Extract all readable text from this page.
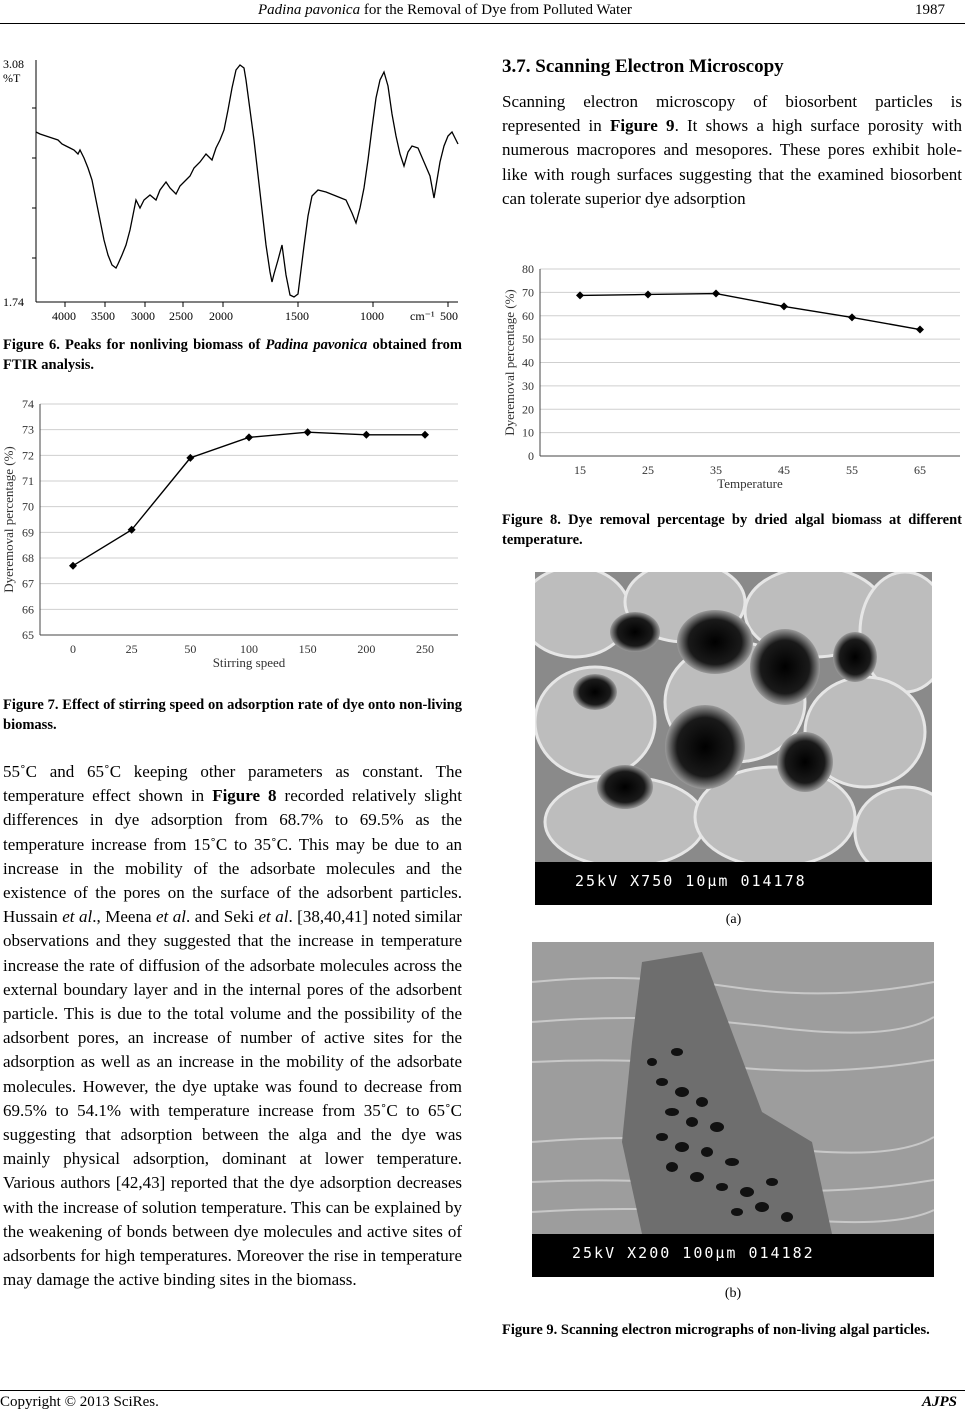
Padina pavonica for the Removal of Dye from Polluted Water	1987
3.08
%T
1.74
4000 3500 3000 2500 2000	1500	1000 cm⁻¹ 500
Figure 6. Peaks for nonliving biomass of Padina pavonica obtained from FTIR analysis.
65
66
67
68
69
70
71
72
73
74
0	25	50	100	150	200	250
Stirring speed
Dyeremoval percentage (%)
Figure 7. Effect of stirring speed on adsorption rate of dye onto non-living biomass.
55˚C and 65˚C keeping other parameters as constant. The temperature effect shown in Figure 8 recorded relatively slight differences in dye adsorption from 68.7% to 69.5% as the temperature increase from 15˚C to 35˚C. This may be due to an increase in the mobility of the adsorbate molecules and the existence of the pores on the surface of the adsorbent particles. Hussain et al., Meena et al. and Seki et al. [38,40,41] noted similar observations and they suggested that the increase in temperature increase the rate of diffusion of the adsorbate molecules across the external boundary layer and in the internal pores of the adsorbent particle. This is due to the total volume and the possibility of the adsorbent pores, an increase of number of active sites for the adsorption as well as an increase in the mobility of the adsorbate molecules. However, the dye uptake was found to decrease from 69.5% to 54.1% with temperature increase from 35˚C to 65˚C suggesting that adsorption between the alga and the dye was mainly physical adsorption, dominant at lower temperature. Various authors [42,43] reported that the dye adsorption decreases with the increase of solution temperature. This can be explained by the weakening of bonds between dye molecules and active sites of adsorbents for high temperatures. Moreover the rise in temperature may damage the active binding sites in the biomass.
3.7. Scanning Electron Microscopy
Scanning electron microscopy of biosorbent particles is represented in Figure 9. It shows a high surface porosity with numerous macropores and mesopores. These pores exhibit hole-like with rough surfaces suggesting that the examined biosorbent can tolerate superior dye adsorption
0
10
20
30
40
50
60
70
80
15	25	35	45	55	65
Temperature
Dyeremoval percentage (%)
Figure 8. Dye removal percentage by dried algal biomass at different temperature.
25kV X750 10μm 014178
(a)
25kV X200 100μm 014182
(b)
Figure 9. Scanning electron micrographs of non-living algal particles.
Copyright © 2013 SciRes.	AJPS
